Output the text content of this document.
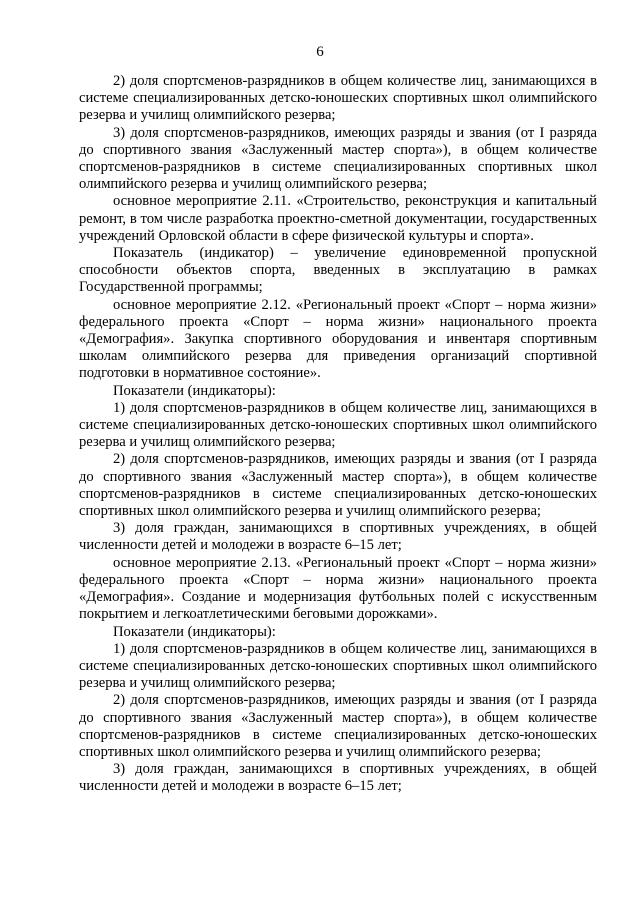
6

2) доля спортсменов-разрядников в общем количестве лиц, занимающихся в системе специализированных детско-юношеских спортивных школ олимпийского резерва и училищ олимпийского резерва;

3) доля спортсменов-разрядников, имеющих разряды и звания (от I разряда до спортивного звания «Заслуженный мастер спорта»), в общем количестве спортсменов-разрядников в системе специализированных спортивных школ олимпийского резерва и училищ олимпийского резерва;

основное мероприятие 2.11. «Строительство, реконструкция и капитальный ремонт, в том числе разработка проектно-сметной документации, государственных учреждений Орловской области в сфере физической культуры и спорта».

Показатель (индикатор) – увеличение единовременной пропускной способности объектов спорта, введенных в эксплуатацию в рамках Государственной программы;

основное мероприятие 2.12. «Региональный проект «Спорт – норма жизни» федерального проекта «Спорт – норма жизни» национального проекта «Демография». Закупка спортивного оборудования и инвентаря спортивным школам олимпийского резерва для приведения организаций спортивной подготовки в нормативное состояние».

Показатели (индикаторы):

1) доля спортсменов-разрядников в общем количестве лиц, занимающихся в системе специализированных детско-юношеских спортивных школ олимпийского резерва и училищ олимпийского резерва;

2) доля спортсменов-разрядников, имеющих разряды и звания (от I разряда до спортивного звания «Заслуженный мастер спорта»), в общем количестве спортсменов-разрядников в системе специализированных детско-юношеских спортивных школ олимпийского резерва и училищ олимпийского резерва;

3) доля граждан, занимающихся в спортивных учреждениях, в общей численности детей и молодежи в возрасте 6–15 лет;

основное мероприятие 2.13. «Региональный проект «Спорт – норма жизни» федерального проекта «Спорт – норма жизни» национального проекта «Демография». Создание и модернизация футбольных полей с искусственным покрытием и легкоатлетическими беговыми дорожками».

Показатели (индикаторы):

1) доля спортсменов-разрядников в общем количестве лиц, занимающихся в системе специализированных детско-юношеских спортивных школ олимпийского резерва и училищ олимпийского резерва;

2) доля спортсменов-разрядников, имеющих разряды и звания (от I разряда до спортивного звания «Заслуженный мастер спорта»), в общем количестве спортсменов-разрядников в системе специализированных детско-юношеских спортивных школ олимпийского резерва и училищ олимпийского резерва;

3) доля граждан, занимающихся в спортивных учреждениях, в общей численности детей и молодежи в возрасте 6–15 лет;
